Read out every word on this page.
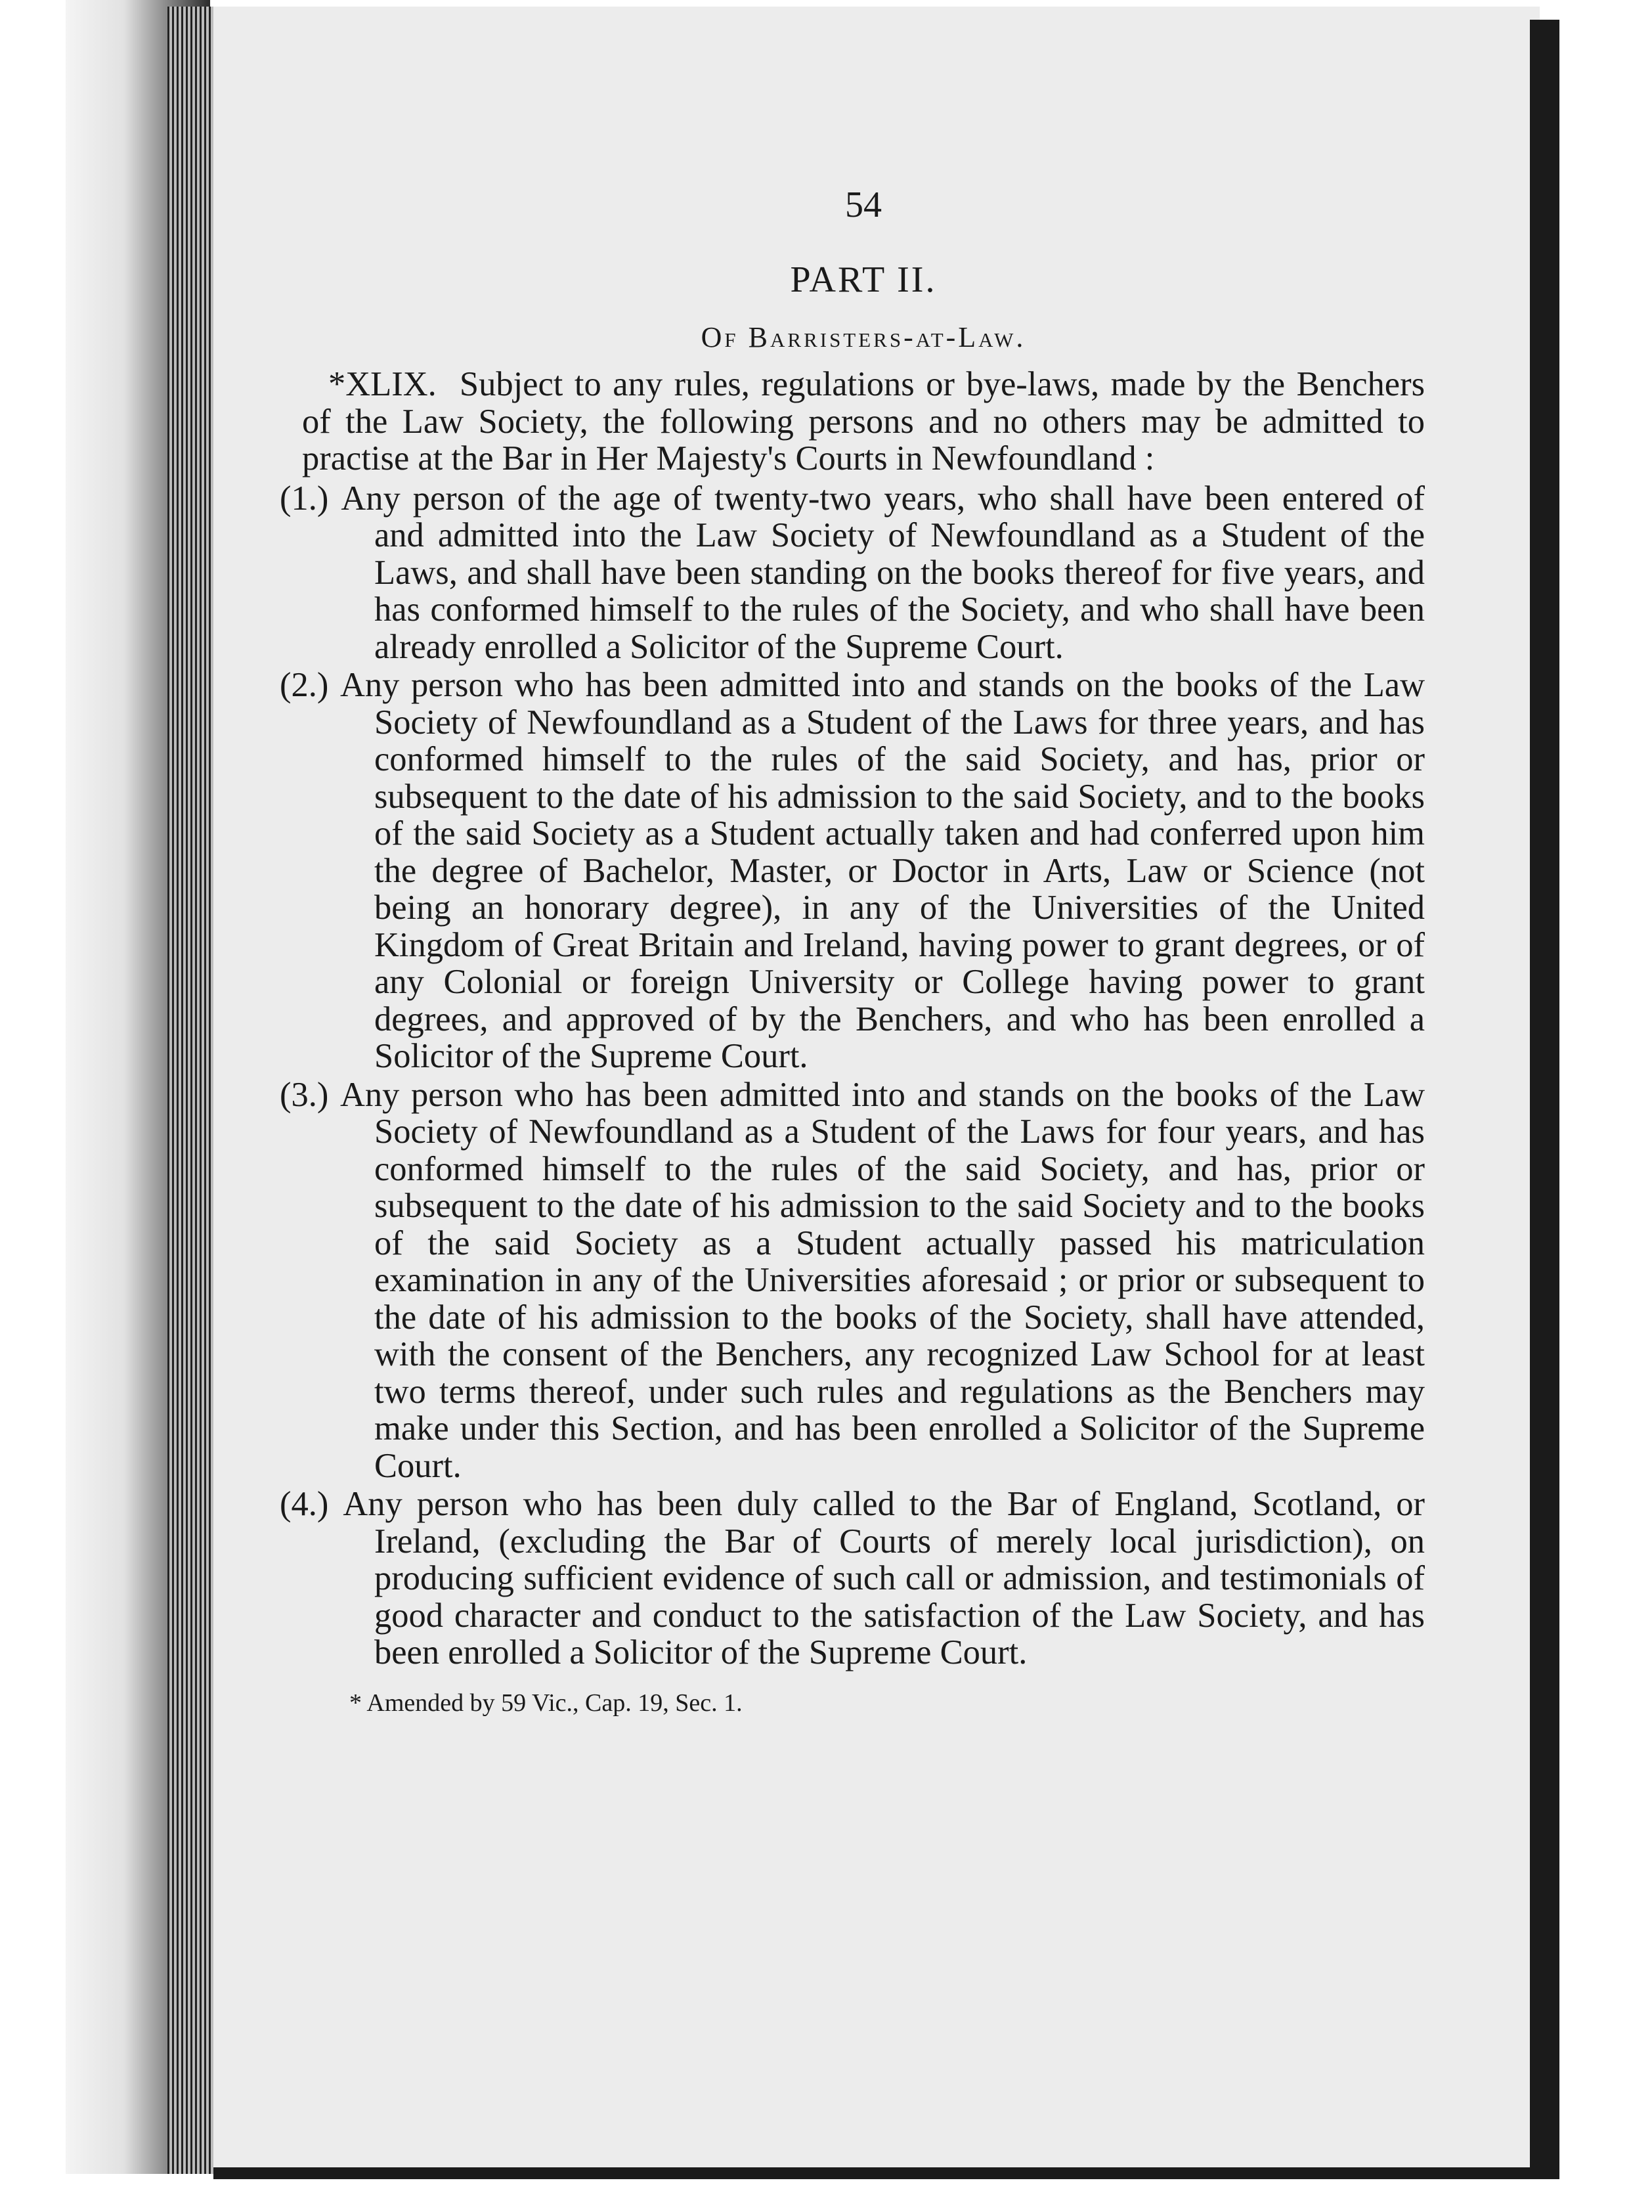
54
PART II.
Of Barristers-at-Law.

*XLIX. Subject to any rules, regulations or bye-laws, made by the Benchers of the Law Society, the following persons and no others may be admitted to practise at the Bar in Her Majesty's Courts in Newfoundland :

(1.) Any person of the age of twenty-two years, who shall have been entered of and admitted into the Law Society of Newfoundland as a Student of the Laws, and shall have been standing on the books thereof for five years, and has conformed himself to the rules of the Society, and who shall have been already enrolled a Solicitor of the Supreme Court.

(2.) Any person who has been admitted into and stands on the books of the Law Society of Newfoundland as a Student of the Laws for three years, and has conformed himself to the rules of the said Society, and has, prior or subsequent to the date of his admission to the said Society, and to the books of the said Society as a Student actually taken and had conferred upon him the degree of Bachelor, Master, or Doctor in Arts, Law or Science (not being an honorary degree), in any of the Universities of the United Kingdom of Great Britain and Ireland, having power to grant degrees, or of any Colonial or foreign University or College having power to grant degrees, and approved of by the Benchers, and who has been enrolled a Solicitor of the Supreme Court.

(3.) Any person who has been admitted into and stands on the books of the Law Society of Newfoundland as a Student of the Laws for four years, and has conformed himself to the rules of the said Society, and has, prior or subsequent to the date of his admission to the said Society and to the books of the said Society as a Student actually passed his matriculation examination in any of the Universities aforesaid ; or prior or subsequent to the date of his admission to the books of the Society, shall have attended, with the consent of the Benchers, any recognized Law School for at least two terms thereof, under such rules and regulations as the Benchers may make under this Section, and has been enrolled a Solicitor of the Supreme Court.

(4.) Any person who has been duly called to the Bar of England, Scotland, or Ireland, (excluding the Bar of Courts of merely local jurisdiction), on producing sufficient evidence of such call or admission, and testimonials of good character and conduct to the satisfaction of the Law Society, and has been enrolled a Solicitor of the Supreme Court.

* Amended by 59 Vic., Cap. 19, Sec. 1.
